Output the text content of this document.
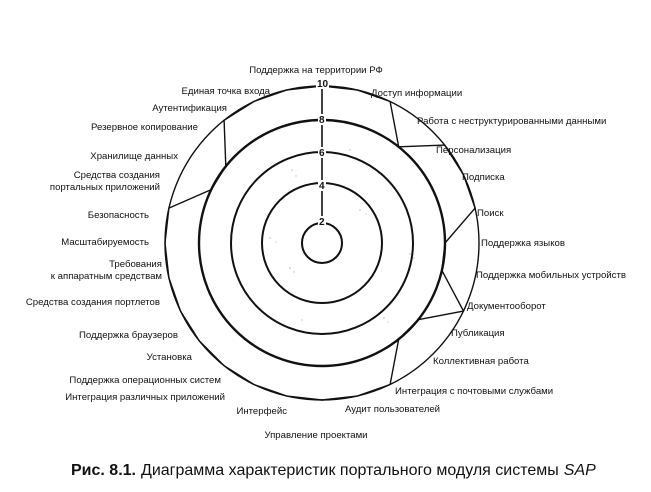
2
4
6
8
10
Поддержка на территории РФ
Доступ информации
Работа с неструктурированными данными
Персонализация
Подписка
Поиск
Поддержка языков
Поддержка мобильных устройств
Документооборот
Публикация
Коллективная работа
Интеграция с почтовыми службами
Аудит пользователей
Управление проектами
Интерфейс
Интеграция различных приложений
Поддержка операционных систем
Установка
Поддержка браузеров
Средства создания портлетов
Требования к аппаратным средствам
Масштабируемость
Безопасность
Средства создания портальных приложений
Хранилище данных
Резервное копирование
Аутентификация
Единая точка входа
Рис. 8.1. Диаграмма характеристик портального модуля системы SAP
